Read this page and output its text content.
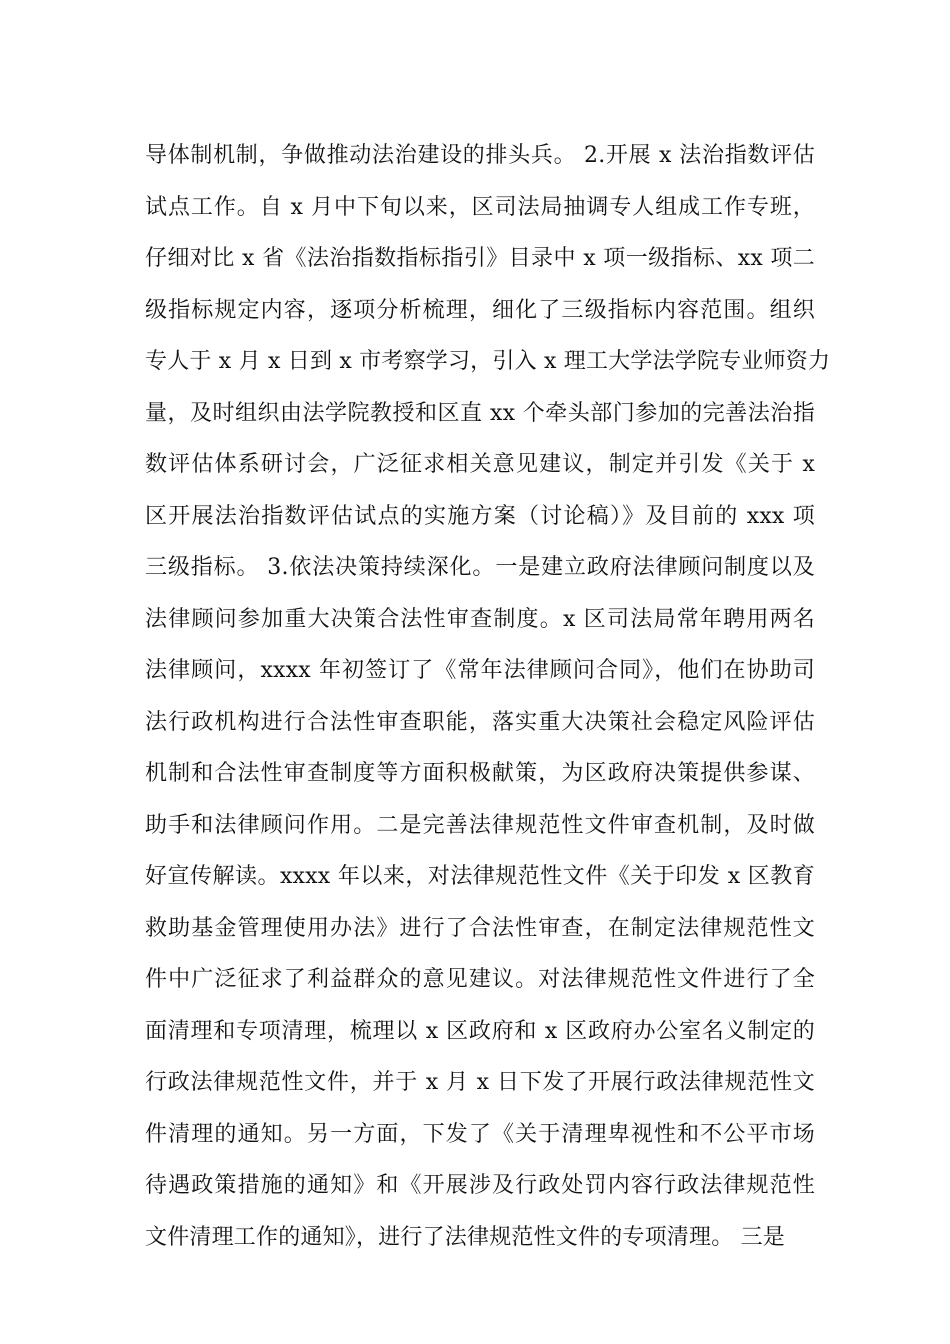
导体制机制，争做推动法治建设的排头兵。 2.开展 x 法治指数评估
试点工作。自 x 月中下旬以来，区司法局抽调专人组成工作专班，
仔细对比 x 省《法治指数指标指引》目录中 x 项一级指标、xx 项二
级指标规定内容，逐项分析梳理，细化了三级指标内容范围。组织
专人于 x 月 x 日到 x 市考察学习，引入 x 理工大学法学院专业师资力
量，及时组织由法学院教授和区直 xx 个牵头部门参加的完善法治指
数评估体系研讨会，广泛征求相关意见建议，制定并引发《关于 x
区开展法治指数评估试点的实施方案（讨论稿）》及目前的 xxx 项
三级指标。 3.依法决策持续深化。一是建立政府法律顾问制度以及
法律顾问参加重大决策合法性审查制度。x 区司法局常年聘用两名
法律顾问，xxxx 年初签订了《常年法律顾问合同》，他们在协助司
法行政机构进行合法性审查职能，落实重大决策社会稳定风险评估
机制和合法性审查制度等方面积极献策，为区政府决策提供参谋、
助手和法律顾问作用。二是完善法律规范性文件审查机制，及时做
好宣传解读。xxxx 年以来，对法律规范性文件《关于印发 x 区教育
救助基金管理使用办法》进行了合法性审查，在制定法律规范性文
件中广泛征求了利益群众的意见建议。对法律规范性文件进行了全
面清理和专项清理，梳理以 x 区政府和 x 区政府办公室名义制定的
行政法律规范性文件，并于 x 月 x 日下发了开展行政法律规范性文
件清理的通知。另一方面，下发了《关于清理卑视性和不公平市场
待遇政策措施的通知》和《开展涉及行政处罚内容行政法律规范性
文件清理工作的通知》，进行了法律规范性文件的专项清理。 三是
